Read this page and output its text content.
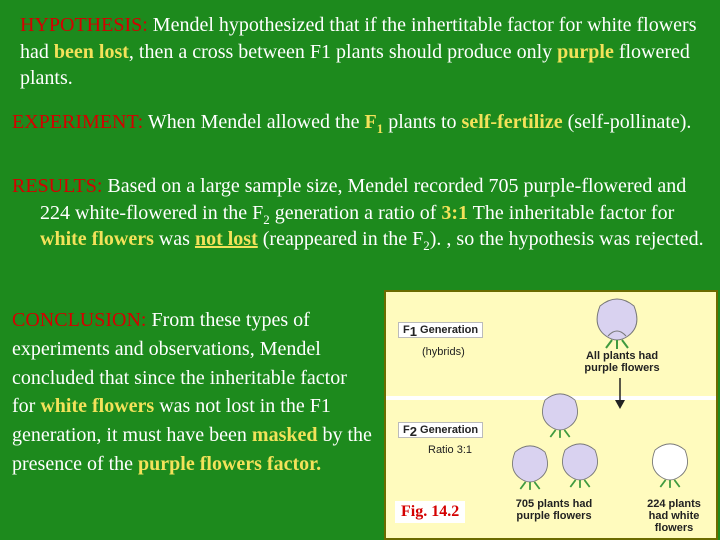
HYPOTHESIS: Mendel hypothesized that if the inhertitable factor for white flowers had been lost, then a cross between F1 plants should produce only purple flowered plants.

EXPERIMENT: When Mendel allowed the $F_1$ plants to self-fertilize (self-pollinate).

RESULTS: Based on a large sample size, Mendel recorded 705 purple-flowered and 224 white-flowered in the $F_2$ generation a ratio of 3:1 The inheritable factor for white flowers was not lost (reappeared in the $F_2$). , so the hypothesis was rejected.

CONCLUSION: From these types of experiments and observations, Mendel concluded that since the inheritable factor for white flowers was not lost in the F1 generation, it must have been masked by the presence of the purple flowers factor.

$F_1$ Generation
(hybrids)	All plants had purple flowers
$F_2$ Generation
Ratio 3:1
Fig. 14.2	705 plants had purple flowers
224 plants had white flowers
